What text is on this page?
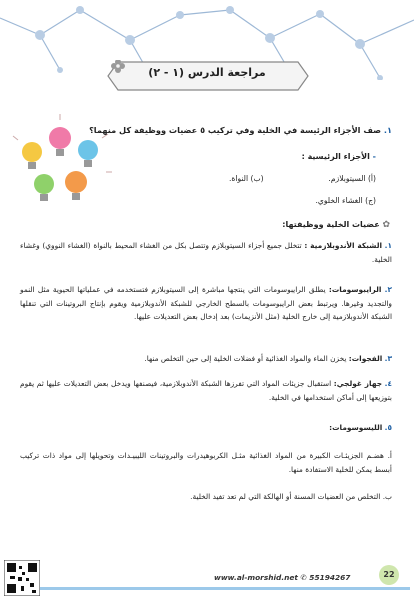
مراجعة الدرس (١ - ٢)
١. صف الأجزاء الرئيسة في الخلية وفي تركيب ٥ عضيات ووظيفة كل منهما؟
- الأجزاء الرئيسية :
(أ) السيتوبلازم. (ب) النواة.
(ج) الغشاء الخلوي.
✿ عضيات الخلية ووظيفتها:
١. الشبكة الأندوبلازمية : تتخلل جميع أجزاء السيتوبلازم وتتصل بكل من الغشاء المحيط بالنواة (الغشاء النووي) وغشاء الخلية.
٢. الرايبوسومات: يطلق الرايبوسومات التي ينتجها مباشرة إلى السيتوبلازم فتستخدمه في عملياتها الحيوية مثل النمو والتجديد وغيرها. ويرتبط بعض الرايبوسومات بالسطح الخارجي للشبكة الأندوبلازمية ويقوم بإنتاج البروتينات التي تنقلها الشبكة الأندوبلازمية إلى خارج الخلية (مثل الأنزيمات) بعد إدخال بعض التعديلات عليها.
٣. الفجوات: يخزن الماء والمواد الغذائية أو فضلات الخلية إلى حين التخلص منها.
٤. جهاز غولجي: استقبال جزيئات المواد التي تفرزها الشبكة الأندوبلازمية، فيصنفها ويدخل بعض التعديلات عليها ثم يقوم بتوزيعها إلى أماكن استخدامها في الخلية.
٥. الليسوسومات:
أ. هضـم الجزيئـات الكبيرة من المواد الغذائية مثـل الكربوهيدرات والبروتينات الليبيـدات وتحويلها إلى مواد ذات تركيب أبسط يمكن للخلية الاستفادة منها.
ب. التخلص من العضيات المسنة أو الهالكة التي لم تعد تفيد الخلية.
www.al-morshid.net ✆ 55194267	22
